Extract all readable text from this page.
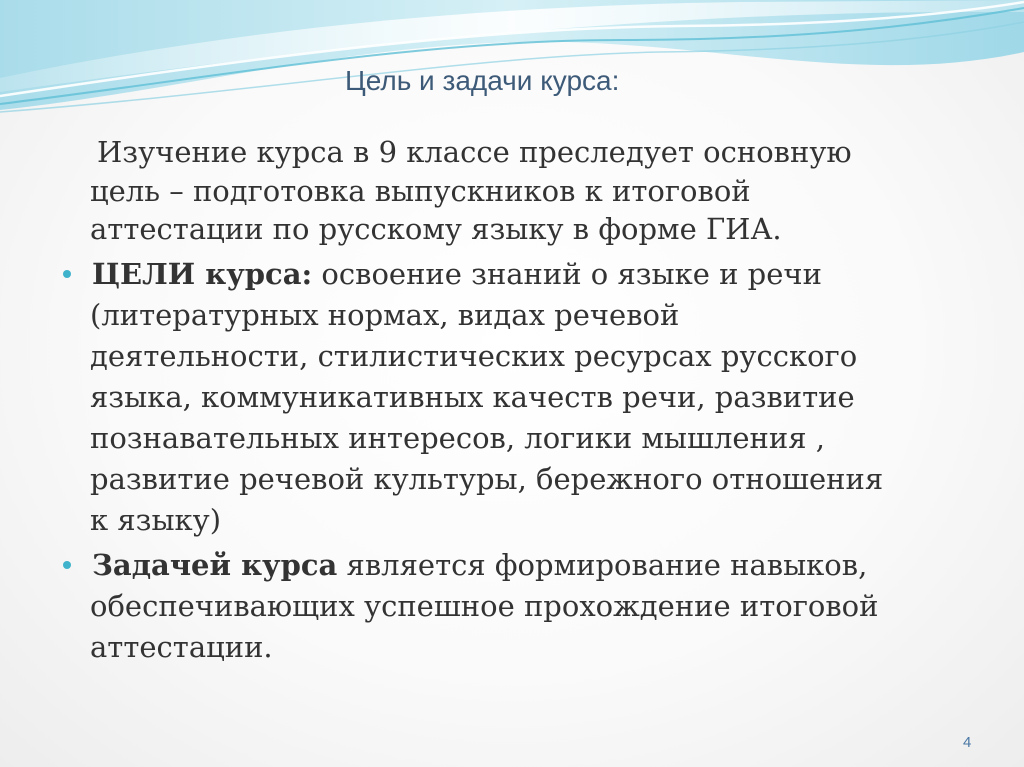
Цель и задачи курса:
Изучение курса в 9 классе преследует основную
цель – подготовка выпускников к итоговой
аттестации по русскому языку в форме ГИА.
ЦЕЛИ курса: освоение знаний о языке и речи
(литературных нормах, видах речевой
деятельности, стилистических ресурсах русского
языка, коммуникативных качеств речи, развитие
познавательных интересов, логики мышления ,
развитие речевой культуры, бережного отношения
к языку)
Задачей курса является формирование навыков,
обеспечивающих успешное прохождение итоговой
аттестации.
4
